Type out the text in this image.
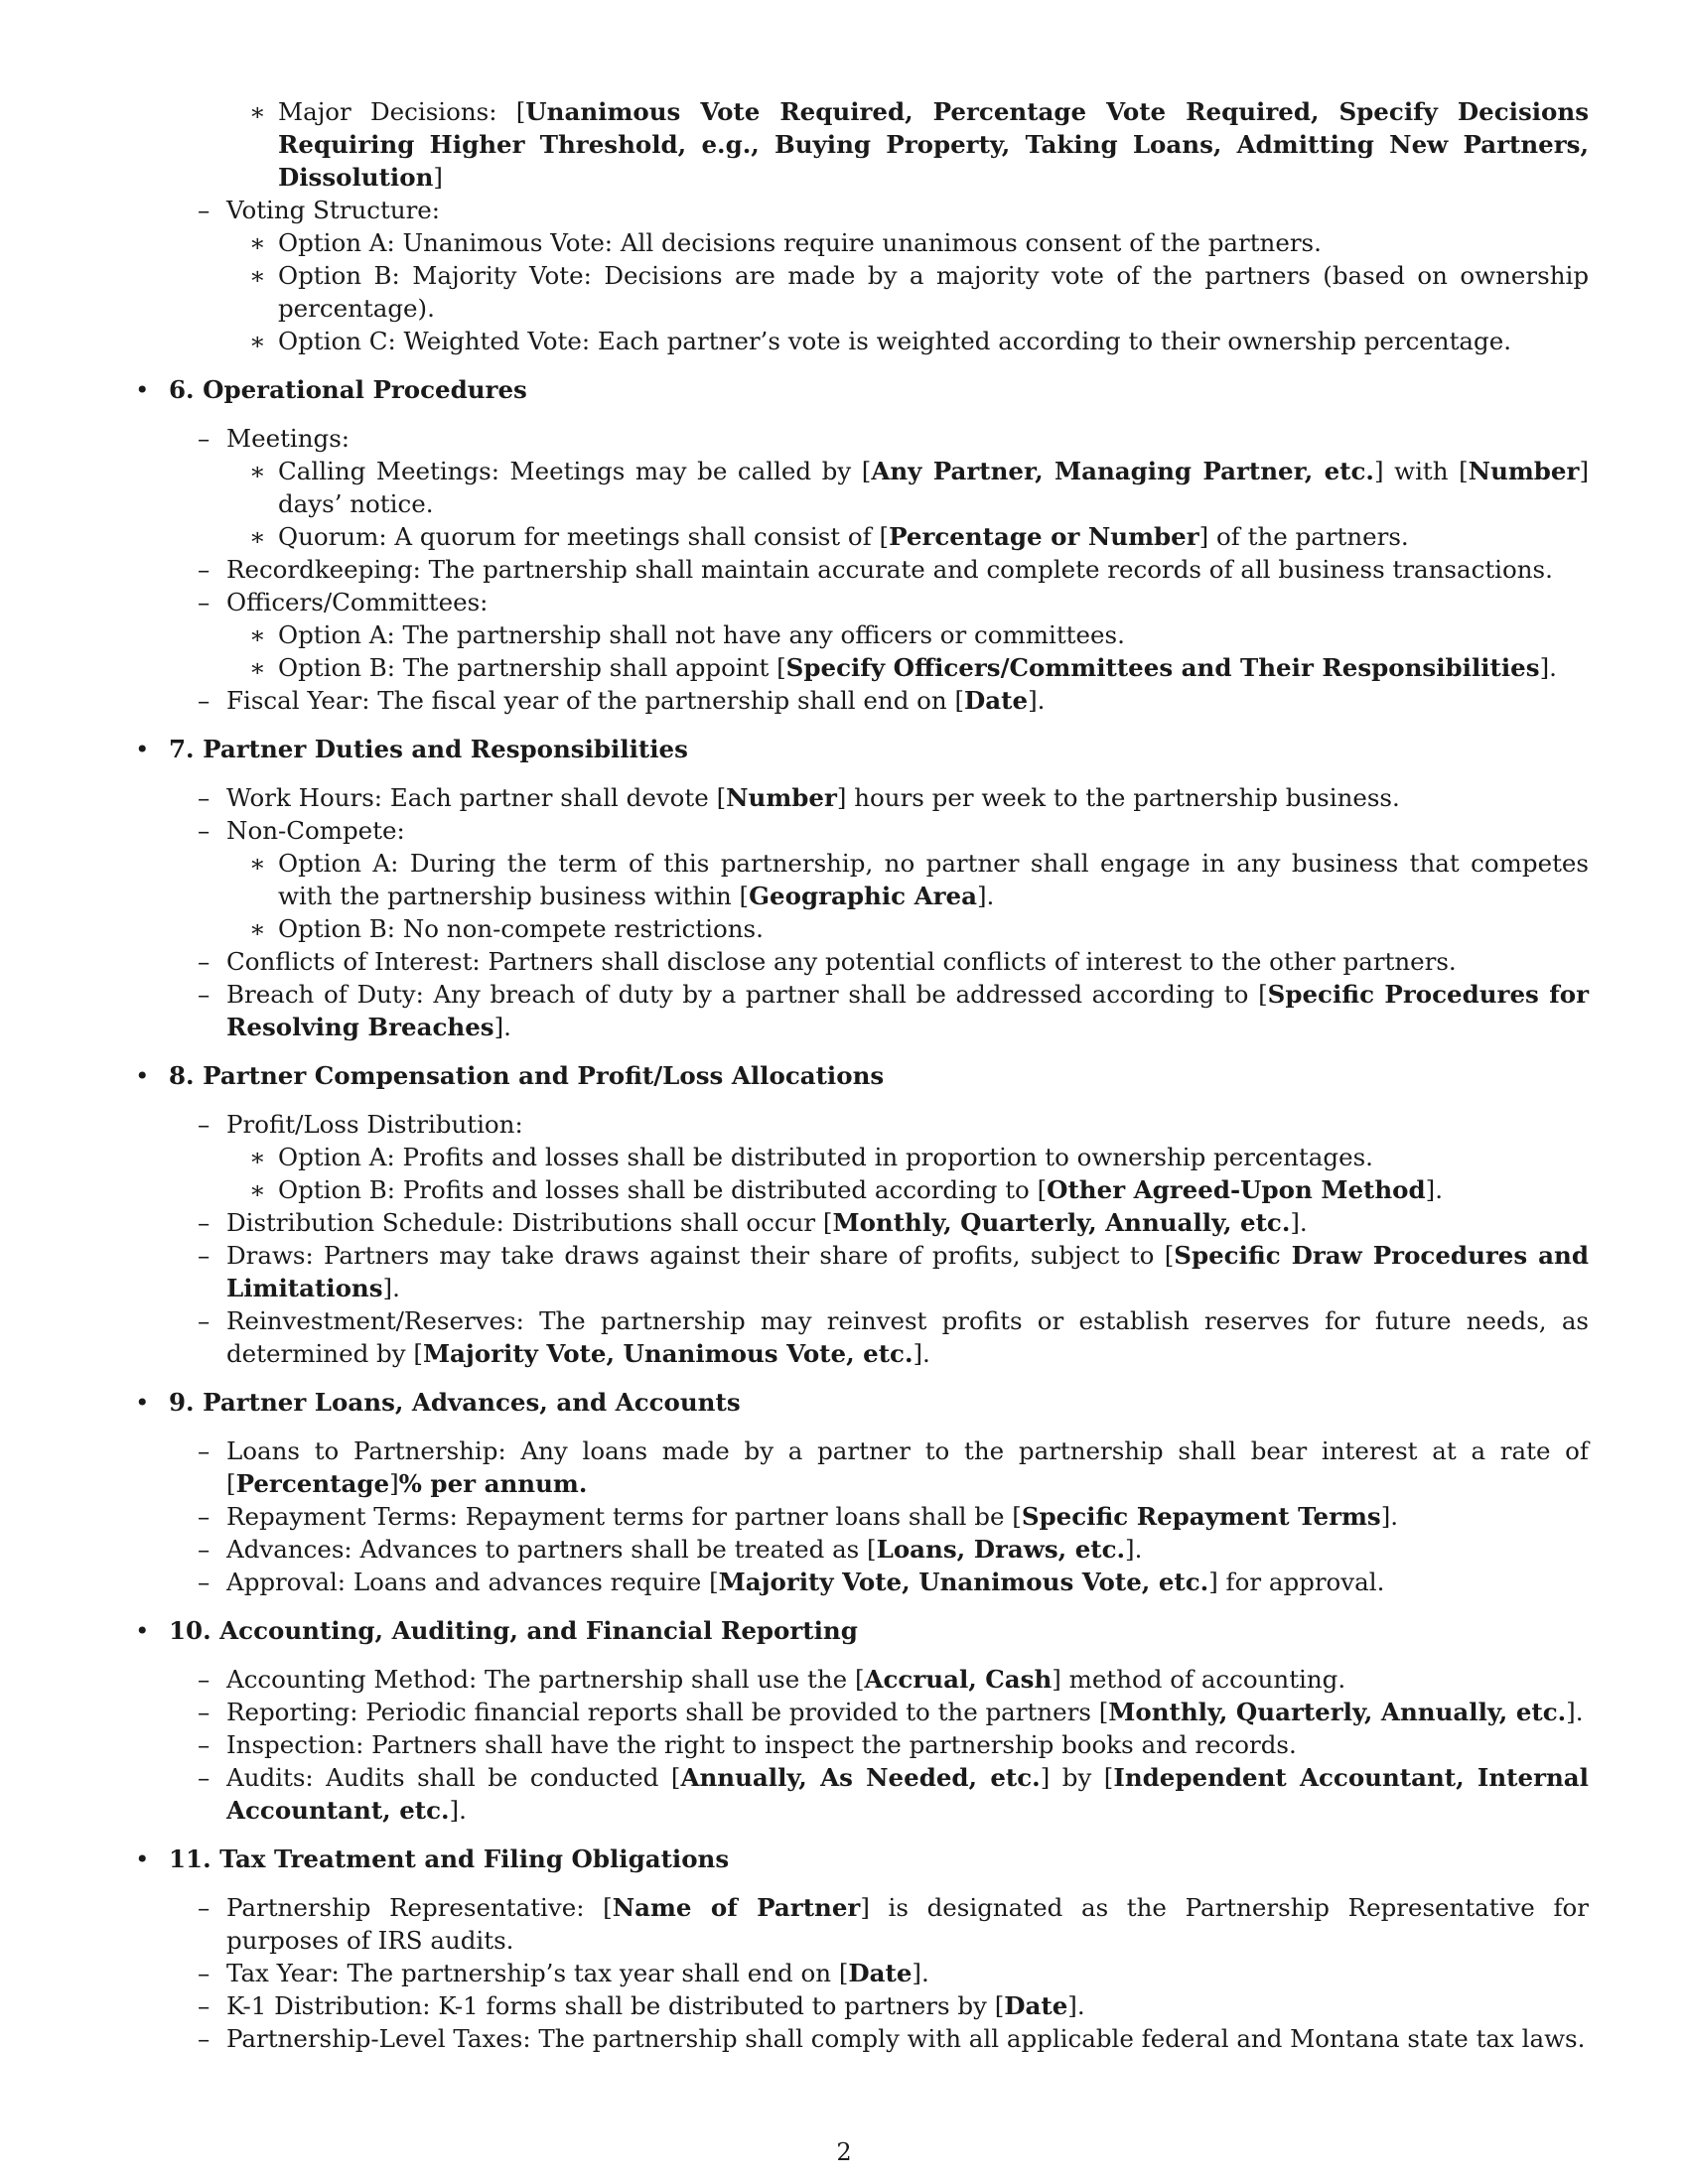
∗ Major Decisions: [Unanimous Vote Required, Percentage Vote Required, Specify Decisions Requiring Higher Threshold, e.g., Buying Property, Taking Loans, Admitting New Partners, Dissolution]
– Voting Structure:
∗ Option A: Unanimous Vote: All decisions require unanimous consent of the partners.
∗ Option B: Majority Vote: Decisions are made by a majority vote of the partners (based on ownership percentage).
∗ Option C: Weighted Vote: Each partner’s vote is weighted according to their ownership percentage.
• 6. Operational Procedures
– Meetings:
∗ Calling Meetings: Meetings may be called by [Any Partner, Managing Partner, etc.] with [Number] days’ notice.
∗ Quorum: A quorum for meetings shall consist of [Percentage or Number] of the partners.
– Recordkeeping: The partnership shall maintain accurate and complete records of all business transactions.
– Officers/Committees:
∗ Option A: The partnership shall not have any officers or committees.
∗ Option B: The partnership shall appoint [Specify Officers/Committees and Their Responsibilities].
– Fiscal Year: The fiscal year of the partnership shall end on [Date].
• 7. Partner Duties and Responsibilities
– Work Hours: Each partner shall devote [Number] hours per week to the partnership business.
– Non-Compete:
∗ Option A: During the term of this partnership, no partner shall engage in any business that competes with the partnership business within [Geographic Area].
∗ Option B: No non-compete restrictions.
– Conflicts of Interest: Partners shall disclose any potential conflicts of interest to the other partners.
– Breach of Duty: Any breach of duty by a partner shall be addressed according to [Specific Procedures for Resolving Breaches].
• 8. Partner Compensation and Profit/Loss Allocations
– Profit/Loss Distribution:
∗ Option A: Profits and losses shall be distributed in proportion to ownership percentages.
∗ Option B: Profits and losses shall be distributed according to [Other Agreed-Upon Method].
– Distribution Schedule: Distributions shall occur [Monthly, Quarterly, Annually, etc.].
– Draws: Partners may take draws against their share of profits, subject to [Specific Draw Procedures and Limitations].
– Reinvestment/Reserves: The partnership may reinvest profits or establish reserves for future needs, as determined by [Majority Vote, Unanimous Vote, etc.].
• 9. Partner Loans, Advances, and Accounts
– Loans to Partnership: Any loans made by a partner to the partnership shall bear interest at a rate of [Percentage]% per annum.
– Repayment Terms: Repayment terms for partner loans shall be [Specific Repayment Terms].
– Advances: Advances to partners shall be treated as [Loans, Draws, etc.].
– Approval: Loans and advances require [Majority Vote, Unanimous Vote, etc.] for approval.
• 10. Accounting, Auditing, and Financial Reporting
– Accounting Method: The partnership shall use the [Accrual, Cash] method of accounting.
– Reporting: Periodic financial reports shall be provided to the partners [Monthly, Quarterly, Annually, etc.].
– Inspection: Partners shall have the right to inspect the partnership books and records.
– Audits: Audits shall be conducted [Annually, As Needed, etc.] by [Independent Accountant, Internal Accountant, etc.].
• 11. Tax Treatment and Filing Obligations
– Partnership Representative: [Name of Partner] is designated as the Partnership Representative for purposes of IRS audits.
– Tax Year: The partnership’s tax year shall end on [Date].
– K-1 Distribution: K-1 forms shall be distributed to partners by [Date].
– Partnership-Level Taxes: The partnership shall comply with all applicable federal and Montana state tax laws.
2
